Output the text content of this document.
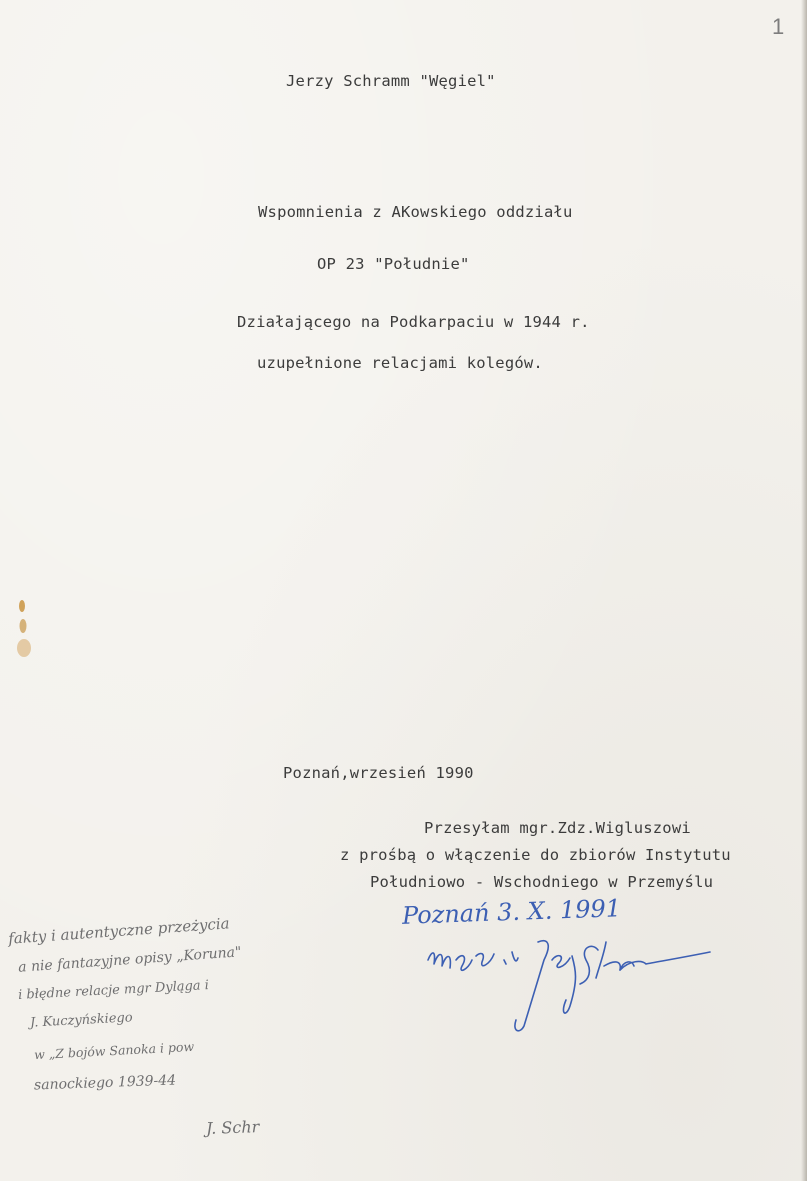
1
Jerzy Schramm "Węgiel"
Wspomnienia z AKowskiego oddziału
OP 23 "Południe"
Działającego na Podkarpaciu w 1944 r.
uzupełnione relacjami kolegów.
Poznań,wrzesień 1990
Przesyłam mgr.Zdz.Wigluszowi
z prośbą o włączenie do zbiorów Instytutu
Południowo - Wschodniego w Przemyślu
Poznań 3. X. 1991
fakty i autentyczne przeżycia
a nie fantazyjne opisy „Koruna"
i błędne relacje mgr Dyląga i
J. Kuczyńskiego
w „Z bojów Sanoka i pow
sanockiego 1939-44
J. Schr
